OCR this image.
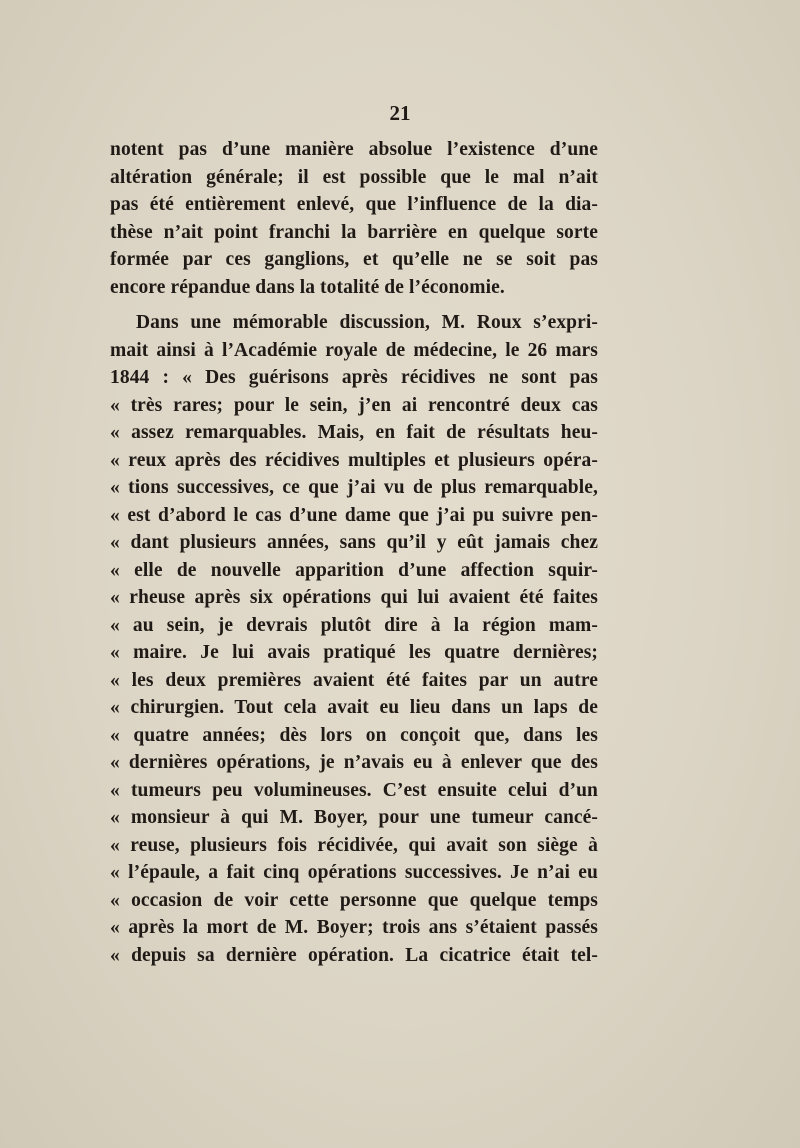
21
notent pas d’une manière absolue l’existence d’une
altération générale; il est possible que le mal n’ait
pas été entièrement enlevé, que l’influence de la dia-
thèse n’ait point franchi la barrière en quelque sorte
formée par ces ganglions, et qu’elle ne se soit pas
encore répandue dans la totalité de l’économie.
Dans une mémorable discussion, M. Roux s’expri-
mait ainsi à l’Académie royale de médecine, le 26 mars
1844 : « Des guérisons après récidives ne sont pas
« très rares; pour le sein, j’en ai rencontré deux cas
« assez remarquables. Mais, en fait de résultats heu-
« reux après des récidives multiples et plusieurs opéra-
« tions successives, ce que j’ai vu de plus remarquable,
« est d’abord le cas d’une dame que j’ai pu suivre pen-
« dant plusieurs années, sans qu’il y eût jamais chez
« elle de nouvelle apparition d’une affection squir-
« rheuse après six opérations qui lui avaient été faites
« au sein, je devrais plutôt dire à la région mam-
« maire. Je lui avais pratiqué les quatre dernières;
« les deux premières avaient été faites par un autre
« chirurgien. Tout cela avait eu lieu dans un laps de
« quatre années; dès lors on conçoit que, dans les
« dernières opérations, je n’avais eu à enlever que des
« tumeurs peu volumineuses. C’est ensuite celui d’un
« monsieur à qui M. Boyer, pour une tumeur cancé-
« reuse, plusieurs fois récidivée, qui avait son siège à
« l’épaule, a fait cinq opérations successives. Je n’ai eu
« occasion de voir cette personne que quelque temps
« après la mort de M. Boyer; trois ans s’étaient passés
« depuis sa dernière opération. La cicatrice était tel-
